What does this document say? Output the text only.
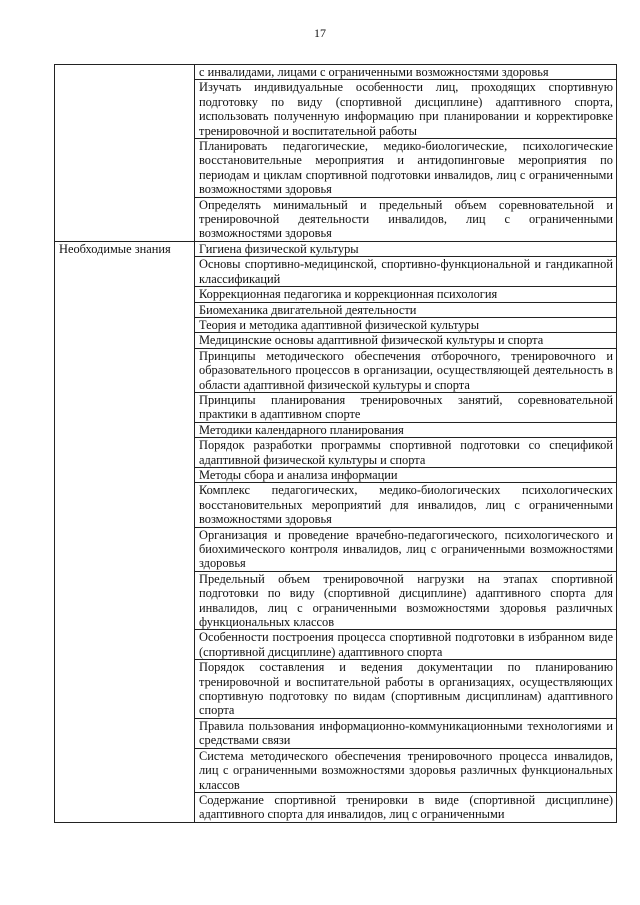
17

	с инвалидами, лицами с ограниченными возможностями здоровья

	Изучать индивидуальные особенности лиц, проходящих спортивную подготовку по виду (спортивной дисциплине) адаптивного спорта, использовать полученную информацию при планировании и корректировке тренировочной и воспитательной работы

	Планировать педагогические, медико-биологические, психологические восстановительные мероприятия и антидопинговые мероприятия по периодам и циклам спортивной подготовки инвалидов, лиц с ограниченными возможностями здоровья

	Определять минимальный и предельный объем соревновательной и тренировочной деятельности инвалидов, лиц с ограниченными возможностями здоровья

Необходимые знания	Гигиена физической культуры

	Основы спортивно-медицинской, спортивно-функциональной и гандикапной классификаций

	Коррекционная педагогика и коррекционная психология

	Биомеханика двигательной деятельности

	Теория и методика адаптивной физической культуры

	Медицинские основы адаптивной физической культуры и спорта

	Принципы методического обеспечения отборочного, тренировочного и образовательного процессов в организации, осуществляющей деятельность в области адаптивной физической культуры и спорта

	Принципы планирования тренировочных занятий, соревновательной практики в адаптивном спорте

	Методики календарного планирования

	Порядок разработки программы спортивной подготовки со спецификой адаптивной физической культуры и спорта

	Методы сбора и анализа информации

	Комплекс педагогических, медико-биологических психологических восстановительных мероприятий для инвалидов, лиц с ограниченными возможностями здоровья

	Организация и проведение врачебно-педагогического, психологического и биохимического контроля инвалидов, лиц с ограниченными возможностями здоровья

	Предельный объем тренировочной нагрузки на этапах спортивной подготовки по виду (спортивной дисциплине) адаптивного спорта для инвалидов, лиц с ограниченными возможностями здоровья различных функциональных классов

	Особенности построения процесса спортивной подготовки в избранном виде (спортивной дисциплине) адаптивного спорта

	Порядок составления и ведения документации по планированию тренировочной и воспитательной работы в организациях, осуществляющих спортивную подготовку по видам (спортивным дисциплинам) адаптивного спорта

	Правила пользования информационно-коммуникационными технологиями и средствами связи

	Система методического обеспечения тренировочного процесса инвалидов, лиц с ограниченными возможностями здоровья различных функциональных классов

	Содержание спортивной тренировки в виде (спортивной дисциплине) адаптивного спорта для инвалидов, лиц с ограниченными
